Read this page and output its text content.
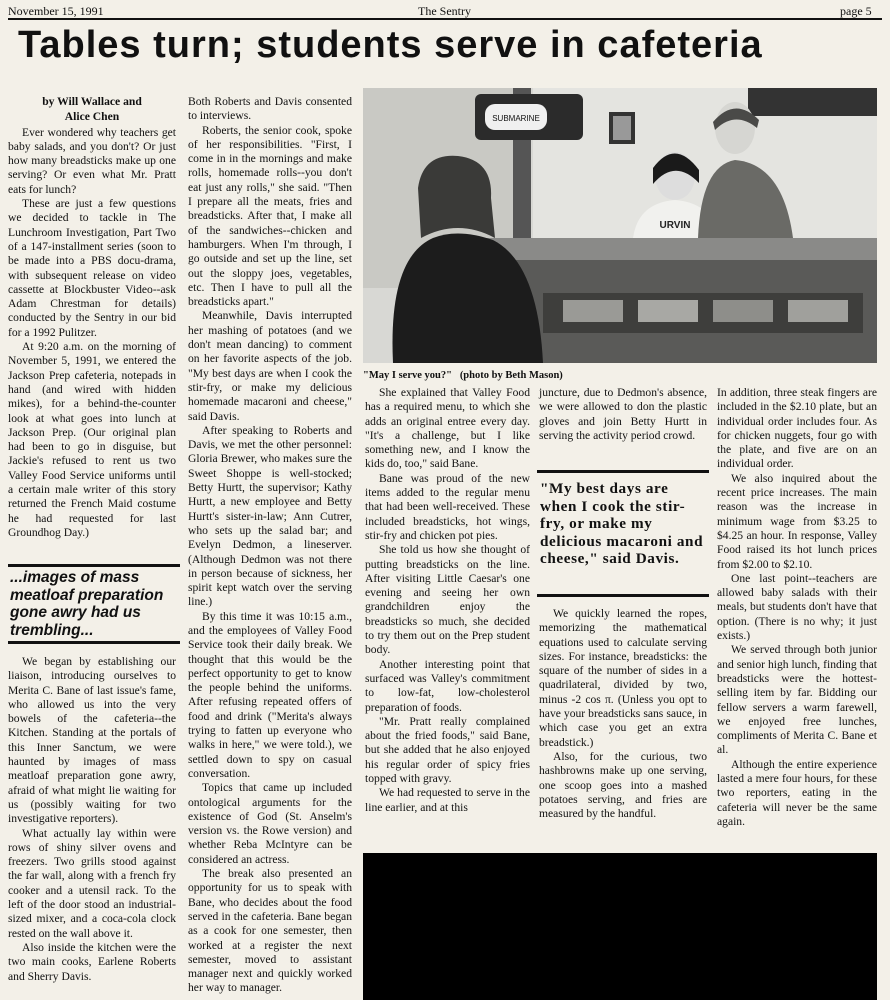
November 15, 1991	The Sentry	page 5
Tables turn; students serve in cafeteria

by Will Wallace and

Alice Chen

Ever wondered why teachers get baby salads, and you don't? Or just how many breadsticks make up one serving? Or even what Mr. Pratt eats for lunch?

These are just a few questions we decided to tackle in The Lunchroom Investigation, Part Two of a 147-installment series (soon to be made into a PBS docu-drama, with subsequent release on video cassette at Blockbuster Video--ask Adam Chrestman for details) conducted by the Sentry in our bid for a 1992 Pulitzer.

At 9:20 a.m. on the morning of November 5, 1991, we entered the Jackson Prep cafeteria, notepads in hand (and wired with hidden mikes), for a behind-the-counter look at what goes into lunch at Jackson Prep. (Our original plan had been to go in disguise, but Jackie's refused to rent us two Valley Food Service uniforms until a certain male writer of this story returned the French Maid costume he had requested for last Groundhog Day.)

...images of mass meatloaf preparation gone awry had us trembling...

We began by establishing our liaison, introducing ourselves to Merita C. Bane of last issue's fame, who allowed us into the very bowels of the cafeteria--the Kitchen. Standing at the portals of this Inner Sanctum, we were haunted by images of mass meatloaf preparation gone awry, afraid of what might lie waiting for us (possibly waiting for two investigative reporters).

What actually lay within were rows of shiny silver ovens and freezers. Two grills stood against the far wall, along with a french fry cooker and a utensil rack. To the left of the door stood an industrial-sized mixer, and a coca-cola clock rested on the wall above it.

Also inside the kitchen were the two main cooks, Earlene Roberts and Sherry Davis.

Both Roberts and Davis consented to interviews.

Roberts, the senior cook, spoke of her responsibilities. "First, I come in in the mornings and make rolls, homemade rolls--you don't eat just any rolls," she said. "Then I prepare all the meats, fries and breadsticks. After that, I make all of the sandwiches--chicken and hamburgers. When I'm through, I go outside and set up the line, set out the sloppy joes, vegetables, etc. Then I have to pull all the breadsticks apart."

Meanwhile, Davis interrupted her mashing of potatoes (and we don't mean dancing) to comment on her favorite aspects of the job. "My best days are when I cook the stir-fry, or make my delicious homemade macaroni and cheese," said Davis.

After speaking to Roberts and Davis, we met the other personnel: Gloria Brewer, who makes sure the Sweet Shoppe is well-stocked; Betty Hurtt, the supervisor; Kathy Hurtt, a new employee and Betty Hurtt's sister-in-law; Ann Cutrer, who sets up the salad bar; and Evelyn Dedmon, a lineserver. (Although Dedmon was not there in person because of sickness, her spirit kept watch over the serving line.)

By this time it was 10:15 a.m., and the employees of Valley Food Service took their daily break. We thought that this would be the perfect opportunity to get to know the people behind the uniforms. After refusing repeated offers of food and drink ("Merita's always trying to fatten up everyone who walks in here," we were told.), we settled down to spy on casual conversation.

Topics that came up included ontological arguments for the existence of God (St. Anselm's version vs. the Rowe version) and whether Reba McIntyre can be considered an actress.

The break also presented an opportunity for us to speak with Bane, who decides about the food served in the cafeteria. Bane began as a cook for one semester, then worked at a register the next semester, moved to assistant manager next and quickly worked her way to manager.

SUBMARINE
URVIN
"May I serve you?" (photo by Beth Mason)

She explained that Valley Food has a required menu, to which she adds an original entree every day. "It's a challenge, but I like something new, and I know the kids do, too," said Bane.

Bane was proud of the new items added to the regular menu that had been well-received. These included breadsticks, hot wings, stir-fry and chicken pot pies.

She told us how she thought of putting breadsticks on the line. After visiting Little Caesar's one evening and seeing her own grandchildren enjoy the breadsticks so much, she decided to try them out on the Prep student body.

Another interesting point that surfaced was Valley's commitment to low-fat, low-cholesterol preparation of foods.

"Mr. Pratt really complained about the fried foods," said Bane, but she added that he also enjoyed his regular order of spicy fries topped with gravy.

We had requested to serve in the line earlier, and at this

juncture, due to Dedmon's absence, we were allowed to don the plastic gloves and join Betty Hurtt in serving the activity period crowd.

"My best days are when I cook the stir-fry, or make my delicious macaroni and cheese," said Davis.

We quickly learned the ropes, memorizing the mathematical equations used to calculate serving sizes. For instance, breadsticks: the square of the number of sides in a quadrilateral, divided by two, minus -2 cos π. (Unless you opt to have your breadsticks sans sauce, in which case you get an extra breadstick.)

Also, for the curious, two hashbrowns make up one serving, one scoop goes into a mashed potatoes serving, and fries are measured by the handful.

In addition, three steak fingers are included in the $2.10 plate, but an individual order includes four. As for chicken nuggets, four go with the plate, and five are on an individual order.

We also inquired about the recent price increases. The main reason was the increase in minimum wage from $3.25 to $4.25 an hour. In response, Valley Food raised its hot lunch prices from $2.00 to $2.10.

One last point--teachers are allowed baby salads with their meals, but students don't have that option. (There is no why; it just exists.)

We served through both junior and senior high lunch, finding that breadsticks were the hottest-selling item by far. Bidding our fellow servers a warm farewell, we enjoyed free lunches, compliments of Merita C. Bane et al.

Although the entire experience lasted a mere four hours, for these two reporters, eating in the cafeteria will never be the same again.
